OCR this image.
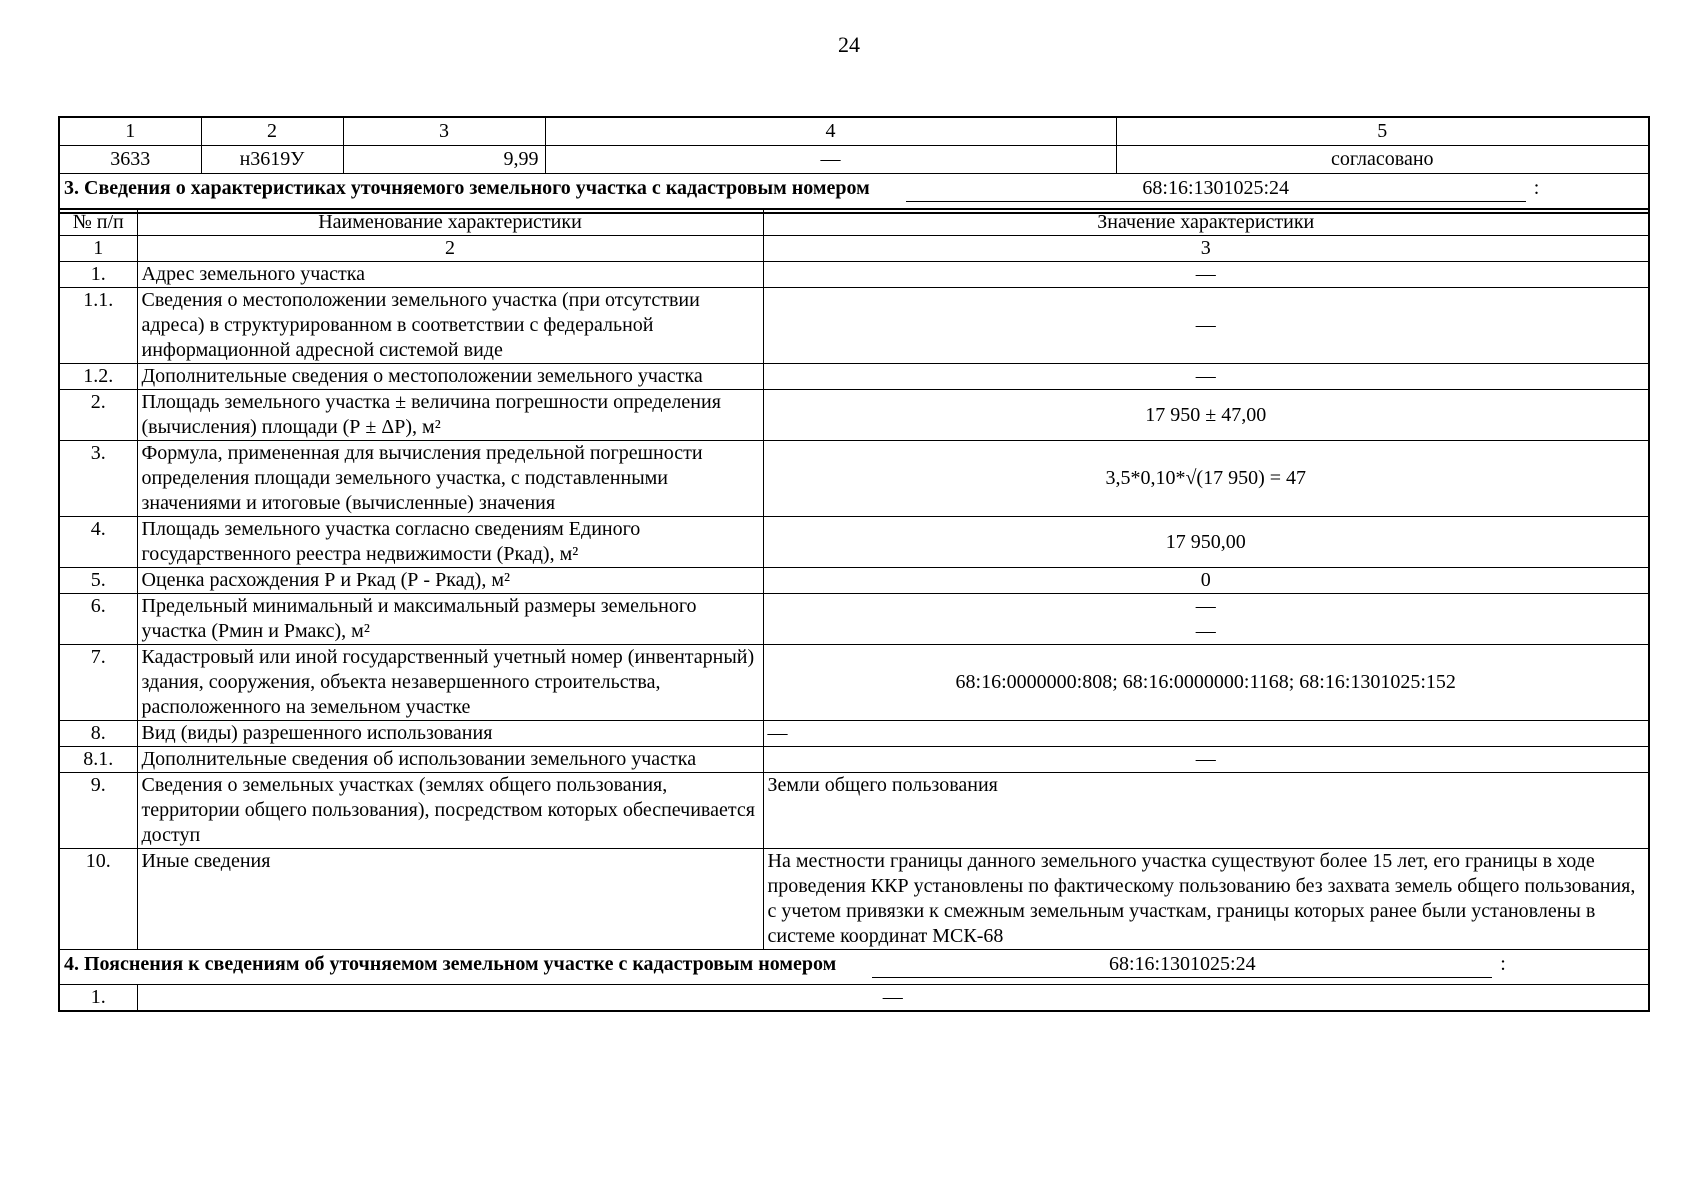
24
1	2	3	4	5
3633	н3619У	9,99	—	согласовано

3. Сведения о характеристиках уточняемого земельного участка с кадастровым номером 68:16:1301025:24 :				
№ п/п	Наименование характеристики	Значение характеристики
1	2	3
1.	Адрес земельного участка	—
1.1.	Сведения о местоположении земельного участка (при отсутствии адреса) в структурированном в соответствии с федеральной информационной адресной системой виде	—
1.2.	Дополнительные сведения о местоположении земельного участка	—
2.	Площадь земельного участка ± величина погрешности определения (вычисления) площади (Р ± ΔР), м²	17 950 ± 47,00
3.	Формула, примененная для вычисления предельной погрешности определения площади земельного участка, с подставленными значениями и итоговые (вычисленные) значения	3,5*0,10*√(17 950) = 47
4.	Площадь земельного участка согласно сведениям Единого государственного реестра недвижимости (Ркад), м²	17 950,00
5.	Оценка расхождения Р и Ркад (Р - Ркад), м²	0
6.	Предельный минимальный и максимальный размеры земельного участка (Рмин и Рмакс), м²	—
—

7.	Кадастровый или иной государственный учетный номер (инвентарный) здания, сооружения, объекта незавершенного строительства, расположенного на земельном участке	68:16:0000000:808; 68:16:0000000:1168; 68:16:1301025:152
8.	Вид (виды) разрешенного использования	—
8.1.	Дополнительные сведения об использовании земельного участка	—
9.	Сведения о земельных участках (землях общего пользования, территории общего пользования), посредством которых обеспечивается доступ	Земли общего пользования
10.	Иные сведения	На местности границы данного земельного участка существуют более 15 лет, его границы в ходе проведения ККР установлены по фактическому пользованию без захвата земель общего пользования, с учетом привязки к смежным земельным участкам, границы которых ранее были установлены в системе координат МСК-68

4. Пояснения к сведениям об уточняемом земельном участке с кадастровым номером 68:16:1301025:24 :		

1.	—	
